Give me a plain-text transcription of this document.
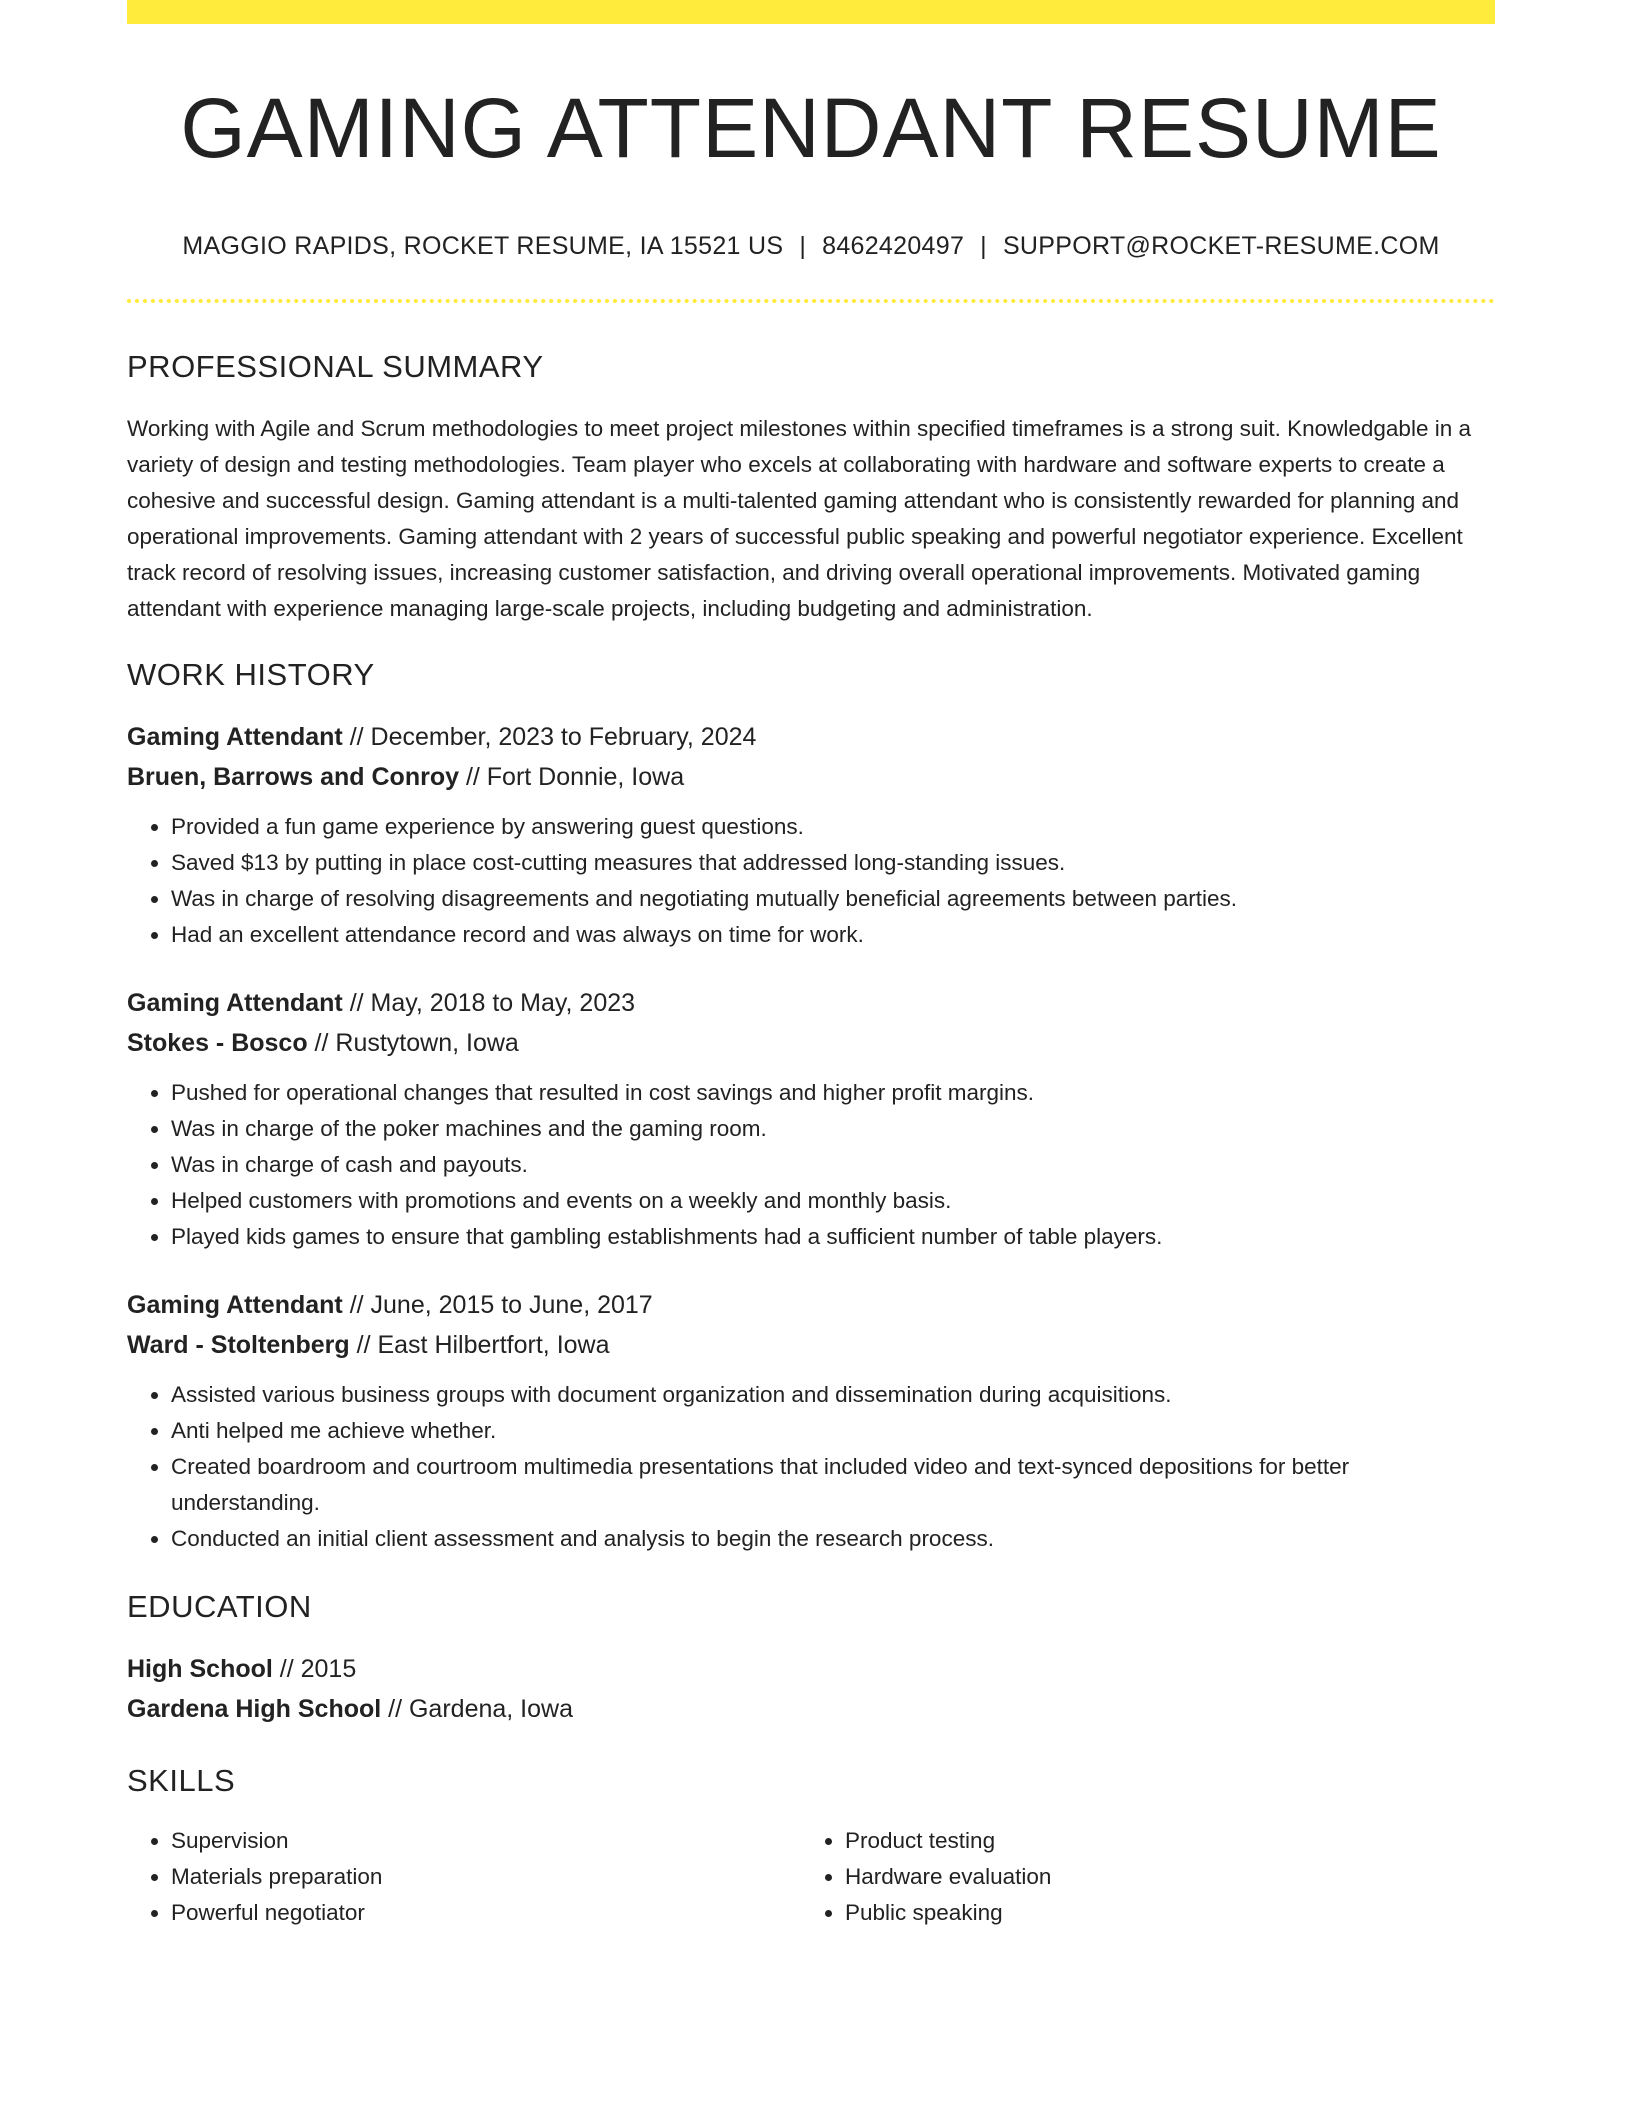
GAMING ATTENDANT RESUME
MAGGIO RAPIDS, ROCKET RESUME, IA 15521 US | 8462420497 | SUPPORT@ROCKET-RESUME.COM
PROFESSIONAL SUMMARY
Working with Agile and Scrum methodologies to meet project milestones within specified timeframes is a strong suit. Knowledgable in a variety of design and testing methodologies. Team player who excels at collaborating with hardware and software experts to create a cohesive and successful design. Gaming attendant is a multi-talented gaming attendant who is consistently rewarded for planning and operational improvements. Gaming attendant with 2 years of successful public speaking and powerful negotiator experience. Excellent track record of resolving issues, increasing customer satisfaction, and driving overall operational improvements. Motivated gaming attendant with experience managing large-scale projects, including budgeting and administration.
WORK HISTORY
Gaming Attendant // December, 2023 to February, 2024
Bruen, Barrows and Conroy // Fort Donnie, Iowa
• Provided a fun game experience by answering guest questions.
• Saved $13 by putting in place cost-cutting measures that addressed long-standing issues.
• Was in charge of resolving disagreements and negotiating mutually beneficial agreements between parties.
• Had an excellent attendance record and was always on time for work.
Gaming Attendant // May, 2018 to May, 2023
Stokes - Bosco // Rustytown, Iowa
• Pushed for operational changes that resulted in cost savings and higher profit margins.
• Was in charge of the poker machines and the gaming room.
• Was in charge of cash and payouts.
• Helped customers with promotions and events on a weekly and monthly basis.
• Played kids games to ensure that gambling establishments had a sufficient number of table players.
Gaming Attendant // June, 2015 to June, 2017
Ward - Stoltenberg // East Hilbertfort, Iowa
• Assisted various business groups with document organization and dissemination during acquisitions.
• Anti helped me achieve whether.
• Created boardroom and courtroom multimedia presentations that included video and text-synced depositions for better understanding.
• Conducted an initial client assessment and analysis to begin the research process.
EDUCATION
High School // 2015
Gardena High School // Gardena, Iowa
SKILLS
• Supervision
• Materials preparation
• Powerful negotiator
• Product testing
• Hardware evaluation
• Public speaking
